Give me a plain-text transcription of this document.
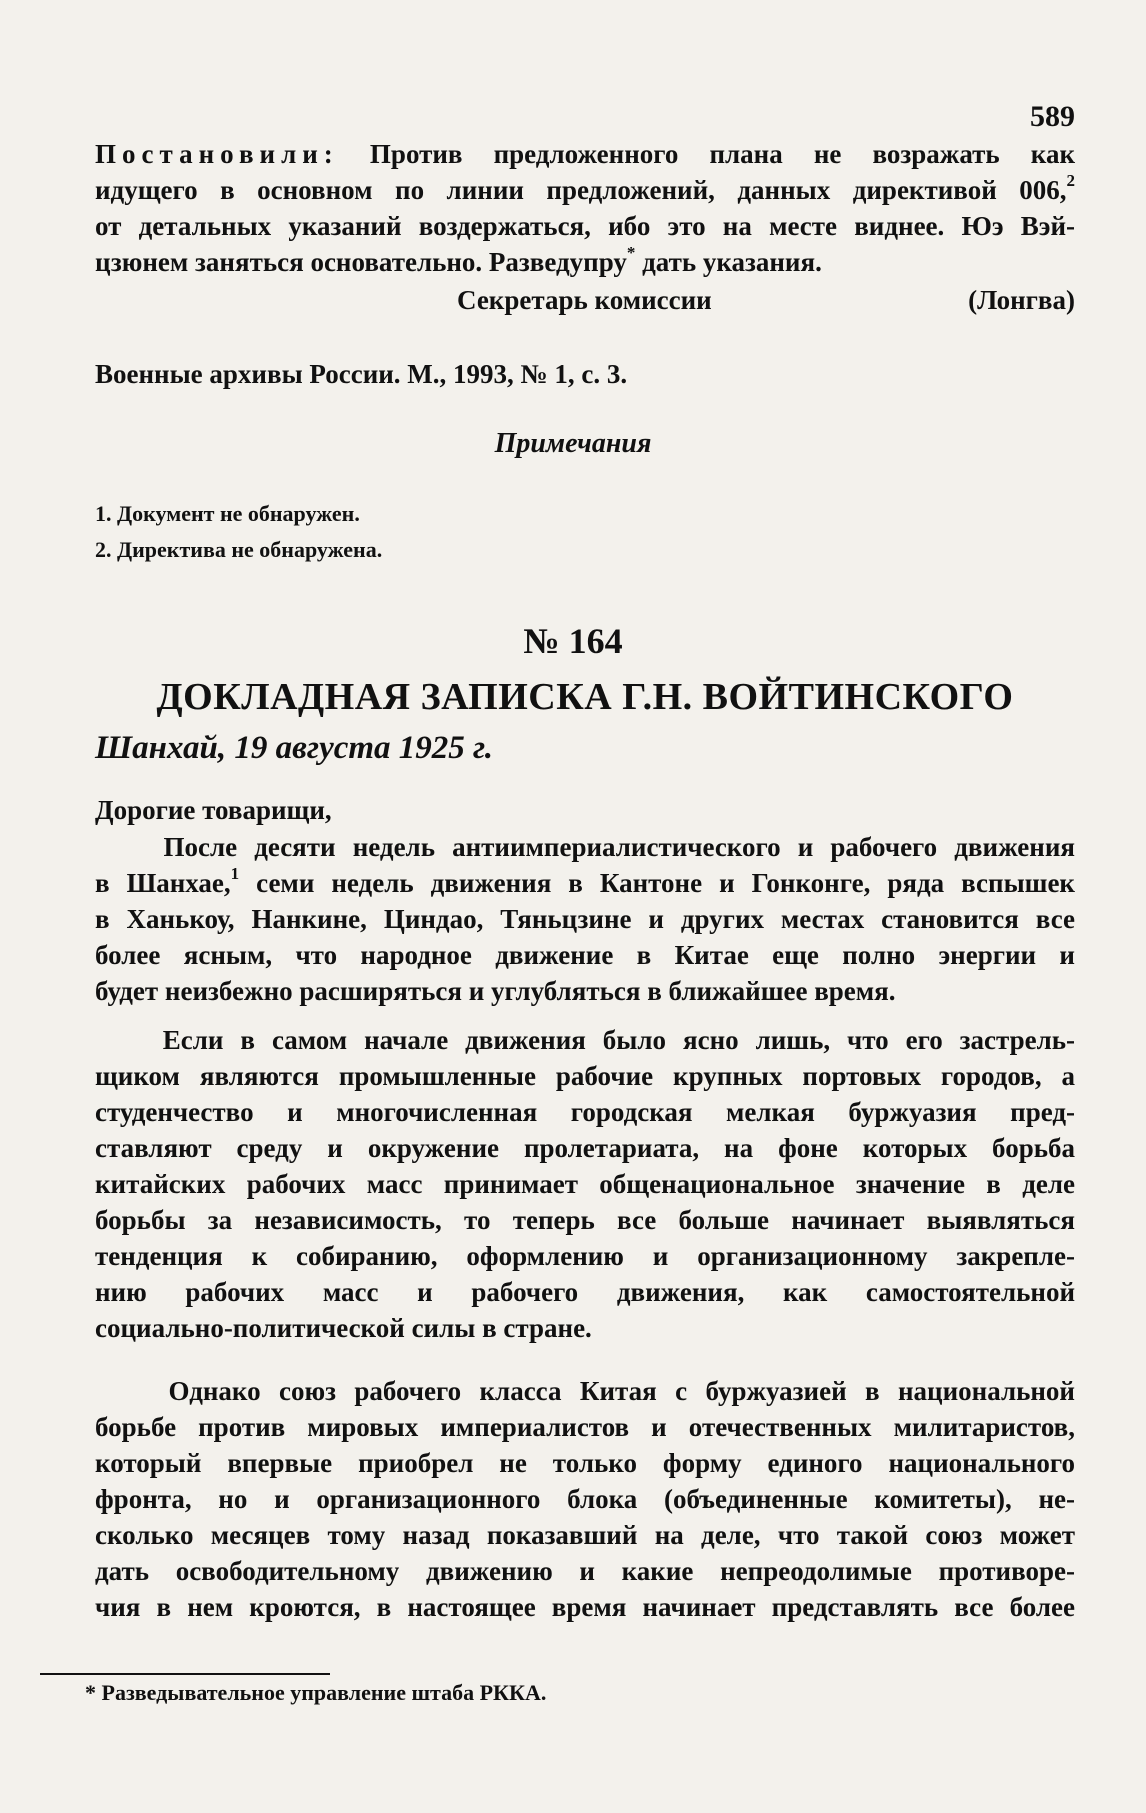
589
Постановили: Против предложенного плана не возражать как
идущего в основном по линии предложений, данных директивой 006,$^2$
от детальных указаний воздержаться, ибо это на месте виднее. Юэ Вэй-
цзюнем заняться основательно. Разведупру* дать указания.
Секретарь комиссии	(Лонгва)
Военные архивы России. М., 1993, № 1, с. 3.
Примечания
1. Документ не обнаружен.
2. Директива не обнаружена.
№ 164
ДОКЛАДНАЯ ЗАПИСКА Г.Н. ВОЙТИНСКОГО
Шанхай, 19 августа 1925 г.
Дорогие товарищи,
После десяти недель антиимпериалистического и рабочего движения
в Шанхае,$^1$ семи недель движения в Кантоне и Гонконге, ряда вспышек
в Ханькоу, Нанкине, Циндао, Тяньцзине и других местах становится все
более ясным, что народное движение в Китае еще полно энергии и
будет неизбежно расширяться и углубляться в ближайшее время.
Если в самом начале движения было ясно лишь, что его застрель-
щиком являются промышленные рабочие крупных портовых городов, а
студенчество и многочисленная городская мелкая буржуазия пред-
ставляют среду и окружение пролетариата, на фоне которых борьба
китайских рабочих масс принимает общенациональное значение в деле
борьбы за независимость, то теперь все больше начинает выявляться
тенденция к собиранию, оформлению и организационному закрепле-
нию рабочих масс и рабочего движения, как самостоятельной
социально-политической силы в стране.
Однако союз рабочего класса Китая с буржуазией в национальной
борьбе против мировых империалистов и отечественных милитаристов,
который впервые приобрел не только форму единого национального
фронта, но и организационного блока (объединенные комитеты), не-
сколько месяцев тому назад показавший на деле, что такой союз может
дать освободительному движению и какие непреодолимые противоре-
чия в нем кроются, в настоящее время начинает представлять все более
* Разведывательное управление штаба РККА.
